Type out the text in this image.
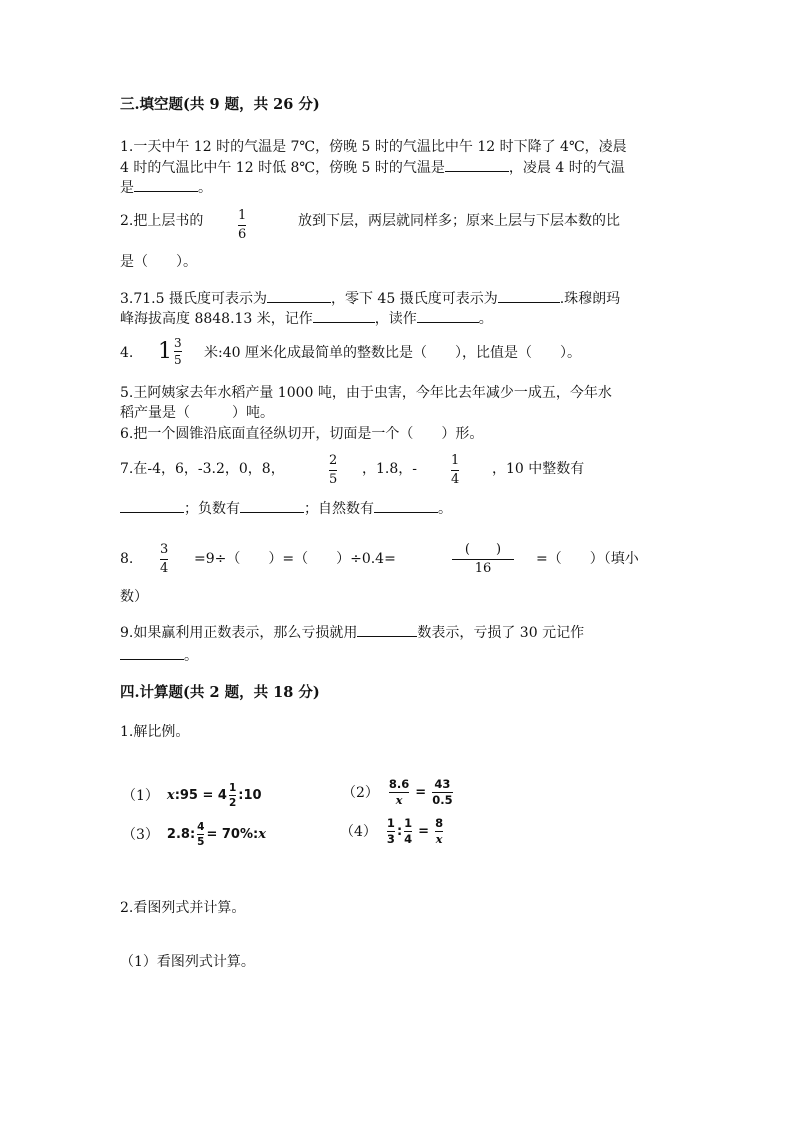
三.填空题(共 9 题，共 26 分)
1.一天中午 12 时的气温是 7℃，傍晚 5 时的气温比中午 12 时下降了 4℃，凌晨
4 时的气温比中午 12 时低 8℃，傍晚 5 时的气温是	，凌晨 4 时的气温
是	。
2.把上层书的	1
6
放到下层，两层就同样多；原来上层与下层本数的比
是（　　）。
3.71.5 摄氏度可表示为	，零下 45 摄氏度可表示为	.珠穆朗玛
峰海拔高度 8848.13 米，记作	，读作	。
4. $1 \frac{3}{5}$ 米:40 厘米化成最简单的整数比是（　　），比值是（　　）。
5.王阿姨家去年水稻产量 1000 吨，由于虫害，今年比去年减少一成五，今年水
稻产量是（　　　）吨。
6.把一个圆锥沿底面直径纵切开，切面是一个（　　）形。
7.在-4，6，-3.2，0，8，
2
5
，1.8，-
1
4
，10 中整数有
；负数有	；自然数有	。
8.
3
4
=9÷（　　）=（　　）÷0.4=
(　　)
16
=（　　）（填小
数）
9.如果赢利用正数表示，那么亏损就用	数表示，亏损了 30 元记作
。
四.计算题(共 2 题，共 18 分)
1.解比例。
（1） x :95 = 4 1
2
:10	（2）
8.6
x
=
43
0.5
（3） 2.8: 4
5
= 70%: x	（4）
1
3
:
1
4
=
8
x
2.看图列式并计算。
（1）看图列式计算。
